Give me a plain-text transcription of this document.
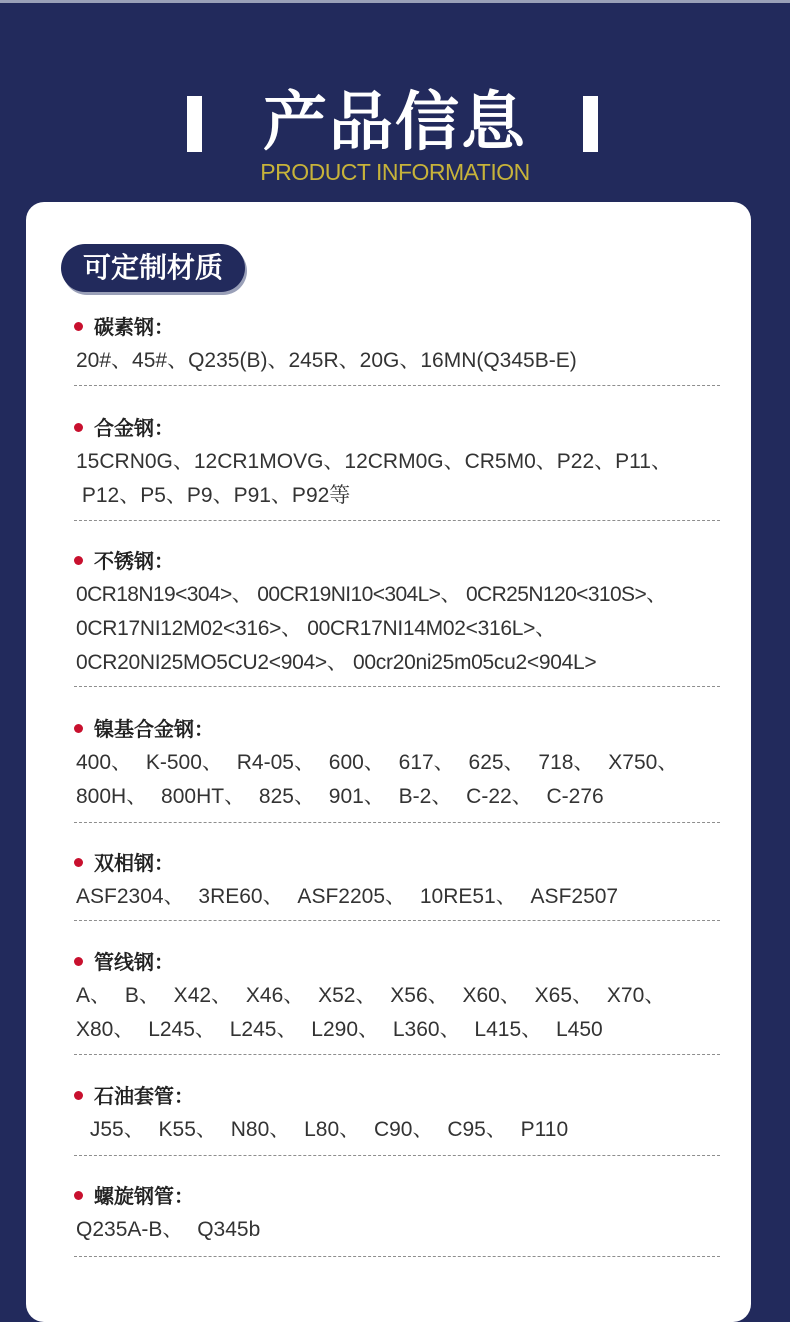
产品信息
PRODUCT INFORMATION
可定制材质
碳素钢：
20#、45#、Q235(B)、245R、20G、16MN(Q345B-E)
合金钢：
15CRN0G、12CR1MOVG、12CRM0G、CR5M0、P22、P11、
P12、P5、P9、P91、P92等
不锈钢：
0CR18N19<304>、 00CR19NI10<304L>、 0CR25N120<310S>、
0CR17NI12M02<316>、 00CR17NI14M02<316L>、
0CR20NI25MO5CU2<904>、 00cr20ni25m05cu2<904L>
镍基合金钢：
400、 K-500、 R4-05、 600、 617、 625、 718、 X750、
800H、 800HT、 825、 901、 B-2、 C-22、 C-276
双相钢：
ASF2304、 3RE60、 ASF2205、 10RE51、 ASF2507
管线钢：
A、 B、 X42、 X46、 X52、 X56、 X60、 X65、 X70、
X80、 L245、 L245、 L290、 L360、 L415、 L450
石油套管：
J55、 K55、 N80、 L80、 C90、 C95、 P110
螺旋钢管：
Q235A-B、 Q345b
